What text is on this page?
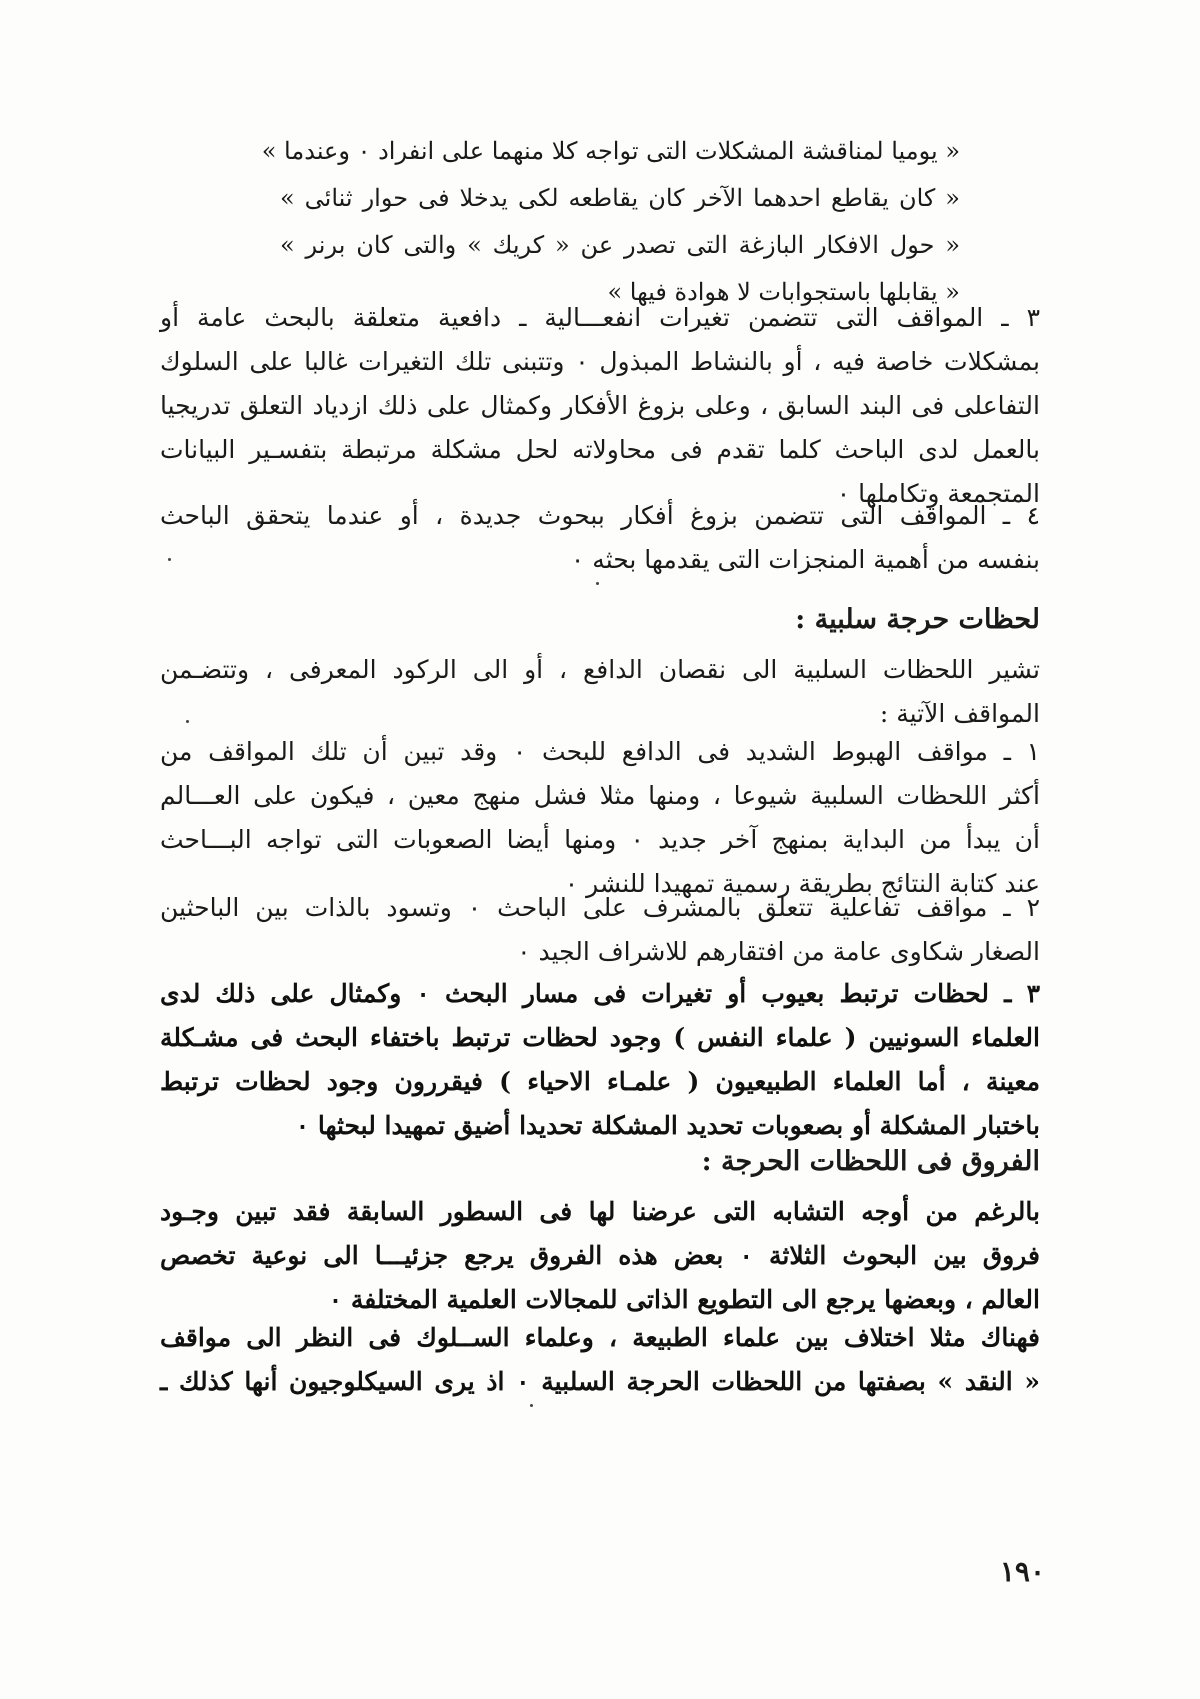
« يوميا لمناقشة المشكلات التى تواجه كلا منهما على انفراد ٠ وعندما »
« كان يقاطع احدهما الآخر كان يقاطعه لكى يدخلا فى حوار ثنائى »
« حول الافكار البازغة التى تصدر عن « كريك » والتى كان برنر »
« يقابلها باستجوابات لا هوادة فيها »
٣ ـ المواقف التى تتضمن تغيرات انفعـــالية ـ دافعية متعلقة بالبحث عامة أو
بمشكلات خاصة فيه ، أو بالنشاط المبذول ٠ وتتبنى تلك التغيرات غالبا على السلوك
التفاعلى فى البند السابق ، وعلى بزوغ الأفكار وكمثال على ذلك ازدياد التعلق تدريجيا
بالعمل لدى الباحث كلما تقدم فى محاولاته لحل مشكلة مرتبطة بتفسـير البيانات
المتجمعة وتكاملها ٠
٤ ـ المواقف التى تتضمن بزوغ أفكار ببحوث جديدة ، أو عندما يتحقق الباحث
بنفسه من أهمية المنجزات التى يقدمها بحثه ٠
لحظات حرجة سلبية :
تشير اللحظات السلبية الى نقصان الدافع ، أو الى الركود المعرفى ، وتتضـمن
المواقف الآتية :
١ ـ مواقف الهبوط الشديد فى الدافع للبحث ٠ وقد تبين أن تلك المواقف من
أكثر اللحظات السلبية شيوعا ، ومنها مثلا فشل منهج معين ، فيكون على العـــالم
أن يبدأ من البداية بمنهج آخر جديد ٠ ومنها أيضا الصعوبات التى تواجه البـــاحث
عند كتابة النتائج بطريقة رسمية تمهيدا للنشر ٠
٢ ـ مواقف تفاعلية تتعلق بالمشرف على الباحث ٠ وتسود بالذات بين الباحثين
الصغار شكاوى عامة من افتقارهم للاشراف الجيد ٠
٣ ـ لحظات ترتبط بعيوب أو تغيرات فى مسار البحث ٠ وكمثال على ذلك لدى
العلماء السونيين ( علماء النفس ) وجود لحظات ترتبط باختفاء البحث فى مشـكلة
معينة ، أما العلماء الطبيعيون ( علمـاء الاحياء ) فيقررون وجود لحظات ترتبط
باختبار المشكلة أو بصعوبات تحديد المشكلة تحديدا أضيق تمهيدا لبحثها ٠
الفروق فى اللحظات الحرجة :
بالرغم من أوجه التشابه التى عرضنا لها فى السطور السابقة فقد تبين وجـود
فروق بين البحوث الثلاثة ٠ بعض هذه الفروق يرجع جزئيـــا الى نوعية تخصص
العالم ، وبعضها يرجع الى التطويع الذاتى للمجالات العلمية المختلفة ٠
فهناك مثلا اختلاف بين علماء الطبيعة ، وعلماء الســلوك فى النظر الى مواقف
« النقد » بصفتها من اللحظات الحرجة السلبية ٠ اذ يرى السيكلوجيون أنها كذلك ـ
١٩٠
